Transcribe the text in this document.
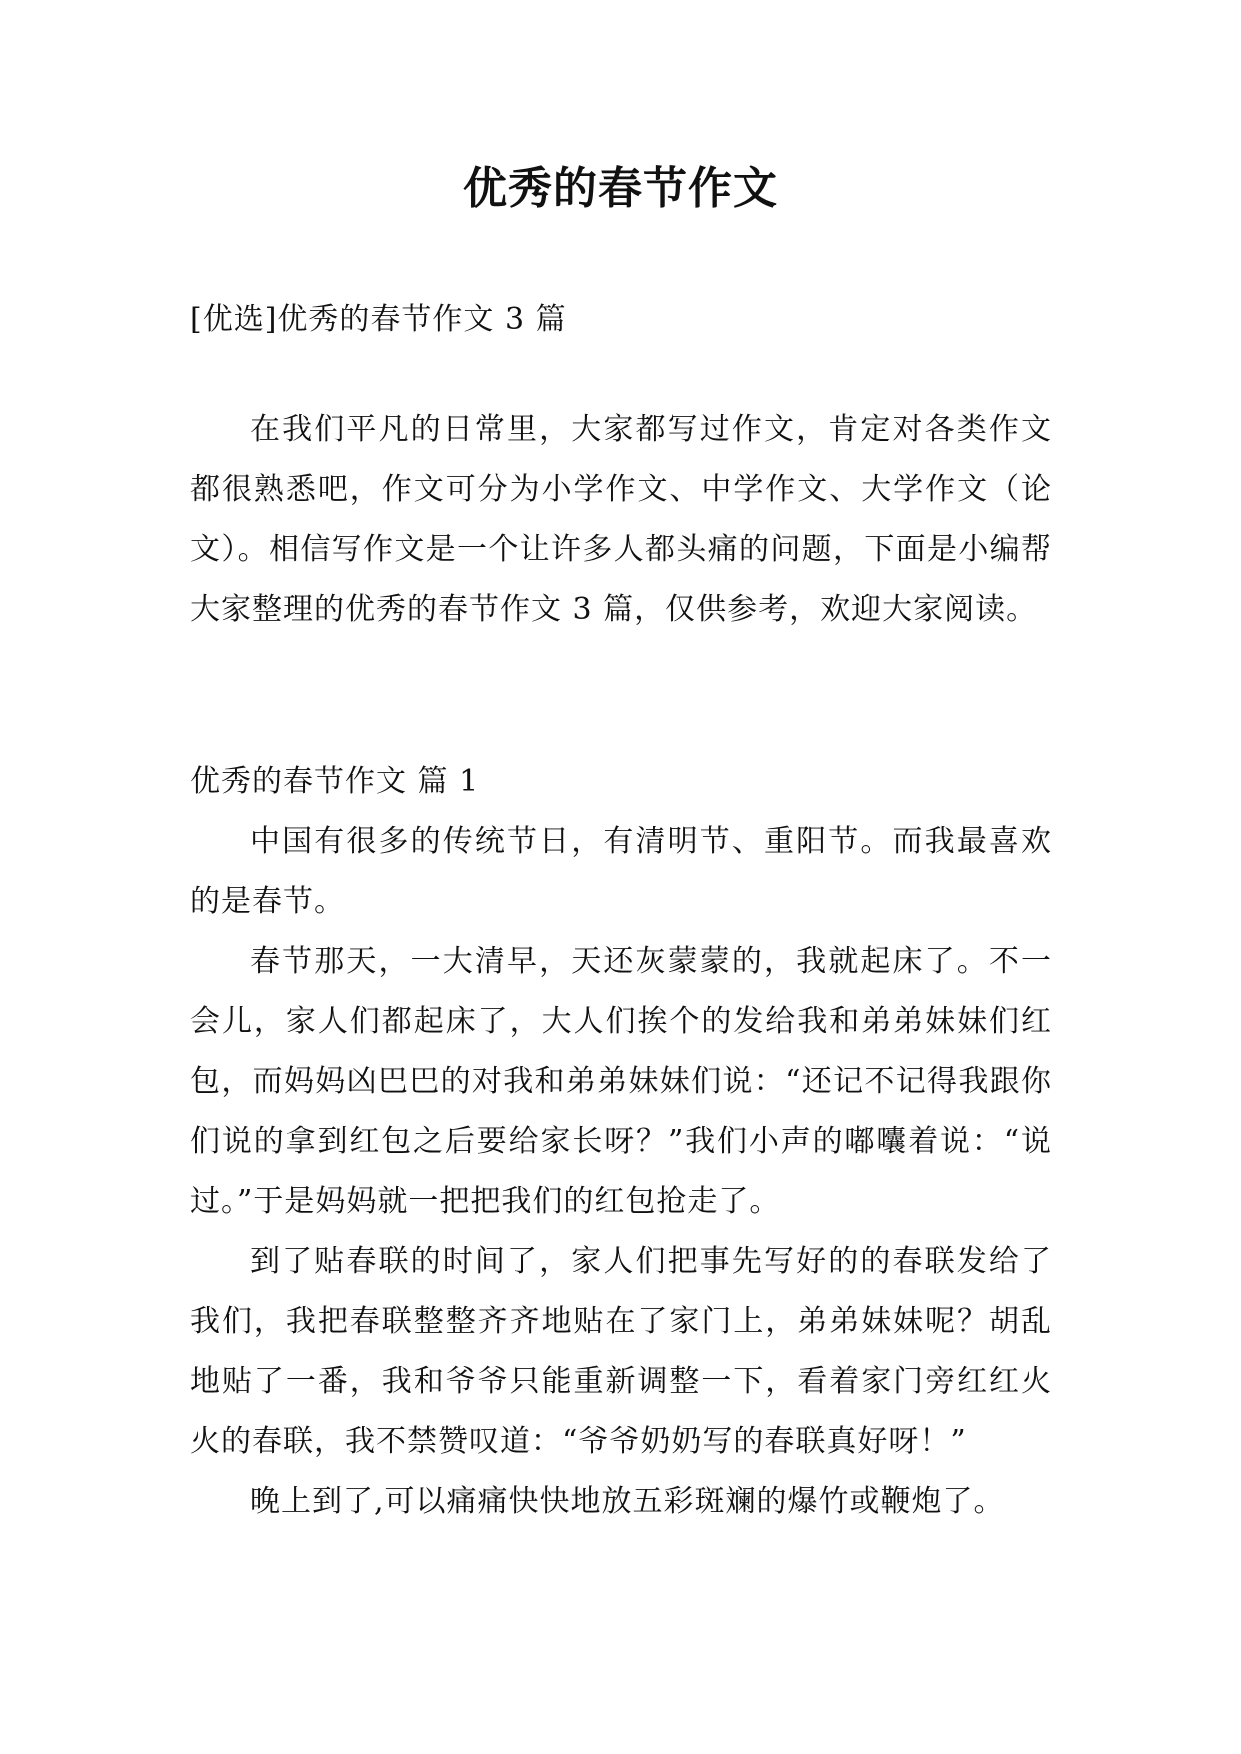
优秀的春节作文
[优选]优秀的春节作文 3 篇

在我们平凡的日常里，大家都写过作文，肯定对各类作文都很熟悉吧，作文可分为小学作文、中学作文、大学作文（论文）。相信写作文是一个让许多人都头痛的问题，下面是小编帮大家整理的优秀的春节作文 3 篇，仅供参考，欢迎大家阅读。

优秀的春节作文 篇 1

中国有很多的传统节日，有清明节、重阳节。而我最喜欢的是春节。

春节那天，一大清早，天还灰蒙蒙的，我就起床了。不一会儿，家人们都起床了，大人们挨个的发给我和弟弟妹妹们红包，而妈妈凶巴巴的对我和弟弟妹妹们说：“还记不记得我跟你们说的拿到红包之后要给家长呀？”我们小声的嘟囔着说：“说过。”于是妈妈就一把把我们的红包抢走了。

到了贴春联的时间了，家人们把事先写好的的春联发给了我们，我把春联整整齐齐地贴在了家门上，弟弟妹妹呢？胡乱地贴了一番，我和爷爷只能重新调整一下，看着家门旁红红火火的春联，我不禁赞叹道：“爷爷奶奶写的春联真好呀！”

晚上到了,可以痛痛快快地放五彩斑斓的爆竹或鞭炮了。
